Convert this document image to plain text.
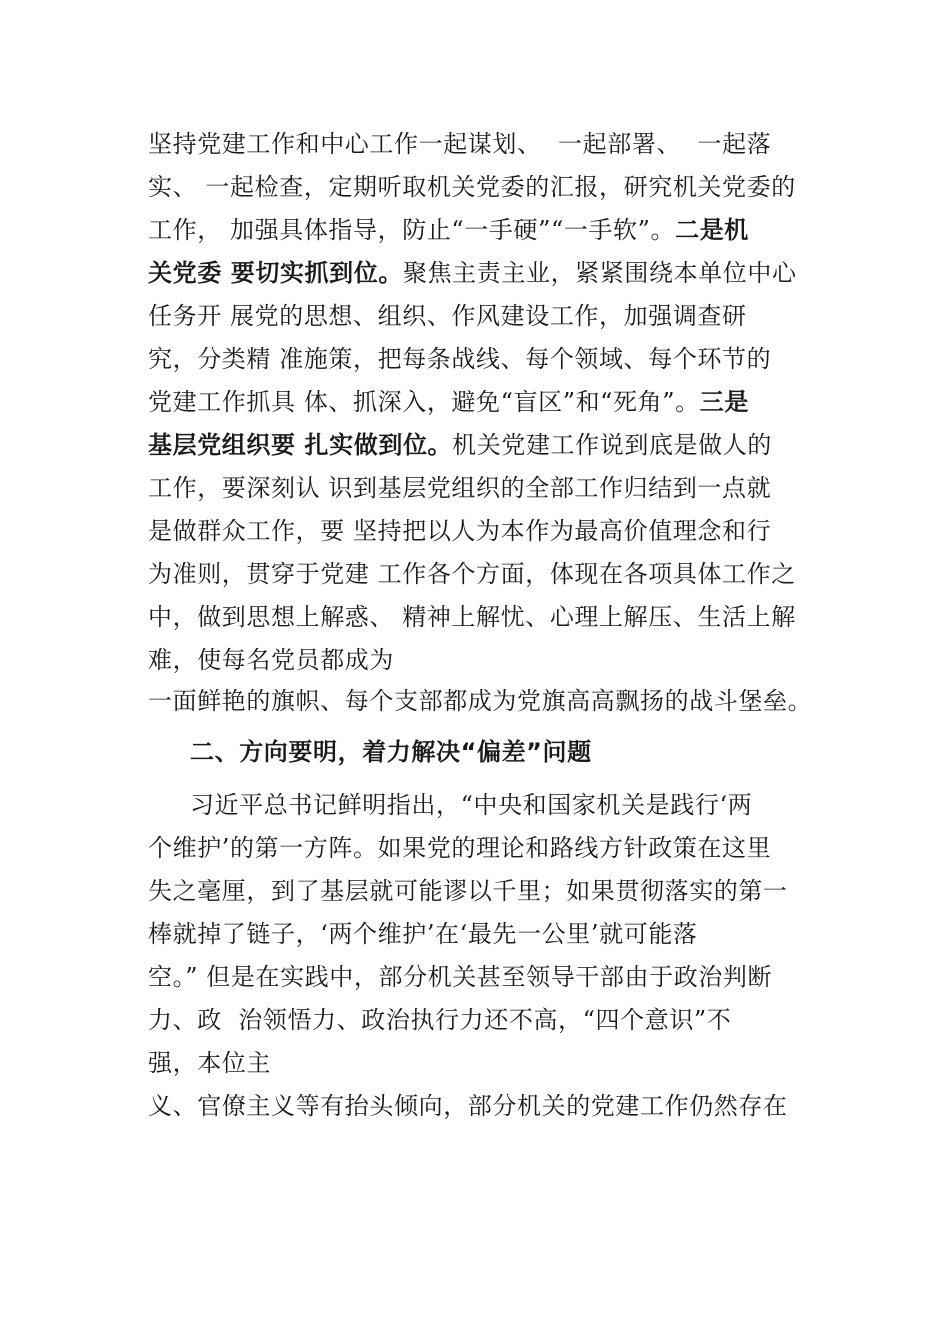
坚持党建工作和中心工作一起谋划、  一起部署、  一起落
实、 一起检查，定期听取机关党委的汇报，研究机关党委的
工作， 加强具体指导，防止“一手硬”“一手软”。二是机
关党委 要切实抓到位。聚焦主责主业，紧紧围绕本单位中心
任务开 展党的思想、组织、作风建设工作，加强调查研
究，分类精 准施策，把每条战线、每个领域、每个环节的
党建工作抓具 体、抓深入，避免“盲区”和“死角”。三是
基层党组织要 扎实做到位。机关党建工作说到底是做人的
工作，要深刻认 识到基层党组织的全部工作归结到一点就
是做群众工作，要 坚持把以人为本作为最高价值理念和行
为准则，贯穿于党建 工作各个方面，体现在各项具体工作之
中，做到思想上解惑、 精神上解忧、心理上解压、生活上解
难，使每名党员都成为
一面鲜艳的旗帜、每个支部都成为党旗高高飘扬的战斗堡垒。
二、方向要明，着力解决“偏差”问题
习近平总书记鲜明指出，“中央和国家机关是践行‘两
个维护’的第一方阵。如果党的理论和路线方针政策在这里
失之毫厘，到了基层就可能谬以千里；如果贯彻落实的第一
棒就掉了链子，‘两个维护’在‘最先一公里’就可能落
空。” 但是在实践中，部分机关甚至领导干部由于政治判断
力、政  治领悟力、政治执行力还不高，“四个意识”不
强，本位主
义、官僚主义等有抬头倾向，部分机关的党建工作仍然存在
